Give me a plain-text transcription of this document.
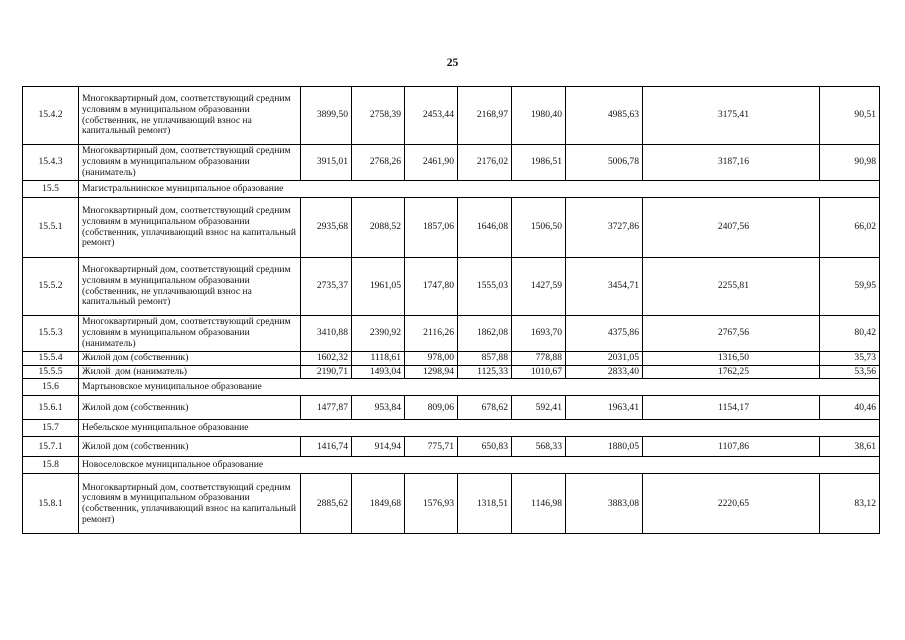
25
15.4.2	Многоквартирный дом, соответствующий средним условиям в муниципальном образовании (собственник, не уплачивающий взнос на капитальный ремонт)	3899,50	2758,39	2453,44	2168,97	1980,40	4985,63	3175,41	90,51
15.4.3	Многоквартирный дом, соответствующий средним условиям в муниципальном образовании (наниматель)	3915,01	2768,26	2461,90	2176,02	1986,51	5006,78	3187,16	90,98
15.5	Магистральнинское муниципальное образование								
15.5.1	Многоквартирный дом, соответствующий средним условиям в муниципальном образовании (собственник, уплачивающий взнос на капитальный ремонт)	2935,68	2088,52	1857,06	1646,08	1506,50	3727,86	2407,56	66,02
15.5.2	Многоквартирный дом, соответствующий средним условиям в муниципальном образовании (собственник, не уплачивающий взнос на капитальный ремонт)	2735,37	1961,05	1747,80	1555,03	1427,59	3454,71	2255,81	59,95
15.5.3	Многоквартирный дом, соответствующий средним условиям в муниципальном образовании (наниматель)	3410,88	2390,92	2116,26	1862,08	1693,70	4375,86	2767,56	80,42
15.5.4	Жилой дом (собственник)	1602,32	1118,61	978,00	857,88	778,88	2031,05	1316,50	35,73
15.5.5	Жилой  дом (наниматель)	2190,71	1493,04	1298,94	1125,33	1010,67	2833,40	1762,25	53,56
15.6	Мартыновское муниципальное образование								
15.6.1	Жилой дом (собственник)	1477,87	953,84	809,06	678,62	592,41	1963,41	1154,17	40,46
15.7	Небельское муниципальное образование								
15.7.1	Жилой дом (собственник)	1416,74	914,94	775,71	650,83	568,33	1880,05	1107,86	38,61
15.8	Новоселовское муниципальное образование								
15.8.1	Многоквартирный дом, соответствующий средним условиям в муниципальном образовании (собственник, уплачивающий взнос на капитальный ремонт)	2885,62	1849,68	1576,93	1318,51	1146,98	3883,08	2220,65	83,12
